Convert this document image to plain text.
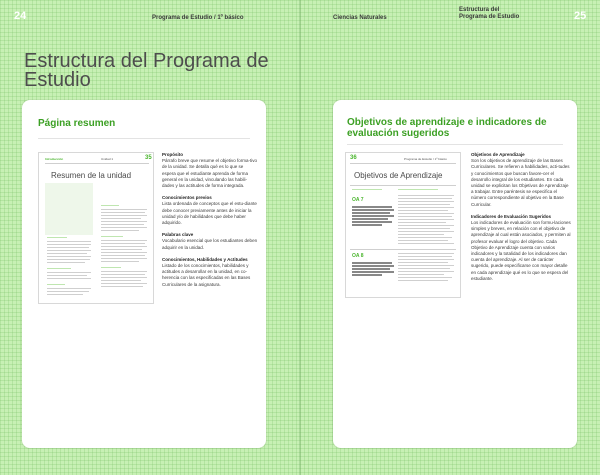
24	Programa de Estudio / 1º básico	Ciencias Naturales
Estructura del Programa de Estudio	25
Estructura del Programa de Estudio
Página resumen
Introducción	Unidad 1	35
Resumen de la unidad
Propósito
Párrafo breve que resume el objetivo forma-tivo de la unidad. Se detalla qué es lo que se espera que el estudiante aprenda de forma general en la unidad, vinculando las habili-dades y las actitudes de forma integrada.
Conocimientos previos
Lista ordenada de conceptos que el estu-diante debe conocer previamente antes de iniciar la unidad y/o de habilidades que debe haber adquirido.
Palabras clave
Vocabulario esencial que los estudiantes deben adquirir en la unidad.
Conocimientos, Habilidades y Actitudes
Listado de los conocimientos, habilidades y actitudes a desarrollar en la unidad, en co-herencia con las especificadas en las Bases Curriculares de la asignatura.
Objetivos de aprendizaje e indicadores de evaluación sugeridos
36	Programa de Estudio / 1º básico
Objetivos de Aprendizaje
OA 7
OA 8
Objetivos de Aprendizaje
Son los objetivos de aprendizaje de las Bases Curriculares. Se refieren a habilidades, acti-tudes y conocimientos que buscan favore-cer el desarrollo integral de los estudiantes. En cada unidad se explicitan los Objetivos de Aprendizaje a trabajar. Entre paréntesis se especifica el número correspondiente al objetivo en la Base Curricular.
Indicadores de Evaluación Sugeridos
Los indicadores de evaluación son formu-laciones simples y breves, en relación con el objetivo de aprendizaje al cual están asociados, y permiten al profesor evaluar el logro del objetivo. Cada Objetivo de Aprendizaje cuenta con varios indicadores y la totalidad de los indicadores dan cuenta del aprendizaje. Al ser de carácter sugerido, puede especificarse con mayor detalle en cada aprendizaje qué es lo que se espera del estudiante.
